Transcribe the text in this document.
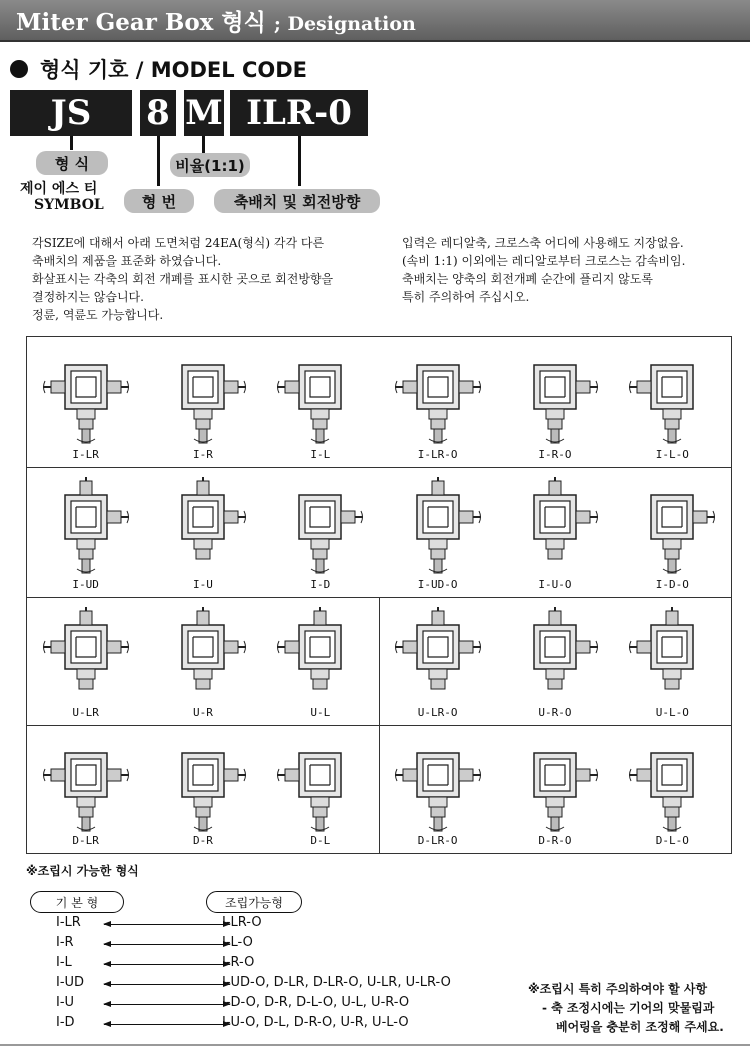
Miter Gear Box 형식 ; Designation
형식 기호 / MODEL CODE
JS	8 M ILR-0
형 식	비율(1:1)
형 번	축배치 및 회전방향
제이 에스 티
SYMBOL
각SIZE에 대해서 아래 도면처럼 24EA(형식) 각각 다른
축배치의 제품을 표준화 하였습니다.
화살표시는 각축의 회전 개폐를 표시한 곳으로 회전방향을
결정하지는 않습니다.
정륜, 역륜도 가능합니다.
입력은 레디알축, 크로스축 어디에 사용해도 지장없음.
(속비 1:1) 이외에는 레디알로부터 크로스는 감속비임.
축배치는 양축의 회전개폐 순간에 플리지 않도록
특히 주의하여 주십시오.
I-LR	I-R	I-L	I-LR-O	I-R-O	I-L-O
I-UD	I-U	I-D	I-UD-O	I-U-O	I-D-O
U-LR	U-R	U-L	U-LR-O	U-R-O	U-L-O
D-LR	D-R	D-L	D-LR-O	D-R-O	D-L-O
※조립시 가능한 형식
기 본 형	조립가능형
I-LR	I-LR-O
I-R	I-L-O
I-L	I-R-O
I-UD	I-UD-O, D-LR, D-LR-O, U-LR, U-LR-O
I-U	I-D-O, D-R, D-L-O, U-L, U-R-O
I-D	I-U-O, D-L, D-R-O, U-R, U-L-O
※조립시 특히 주의하여야 할 사항
- 축 조정시에는 기어의 맞물림과
베어링을 충분히 조정해 주세요.
